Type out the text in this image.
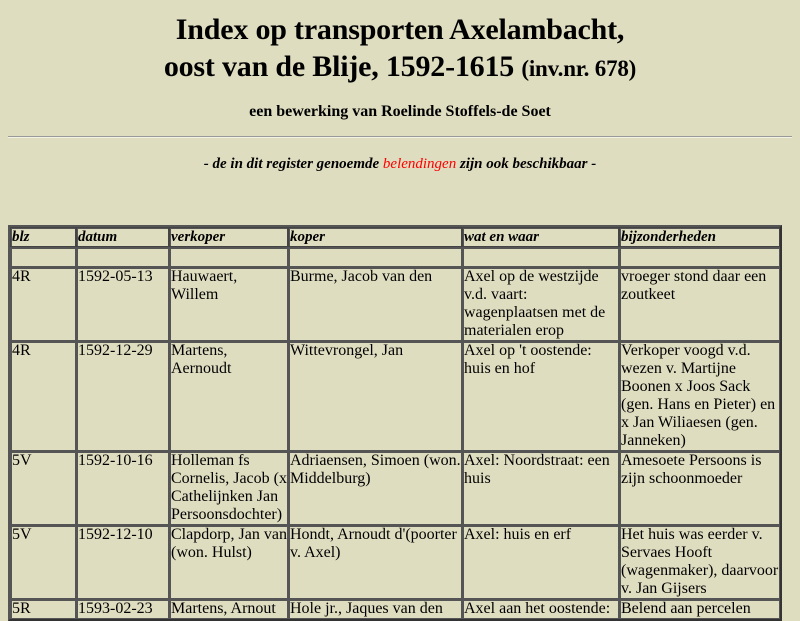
Index op transporten Axelambacht,
oost van de Blije, 1592-1615 (inv.nr. 678)
een bewerking van Roelinde Stoffels-de Soet
- de in dit register genoemde belendingen zijn ook beschikbaar -
blz	datum	verkoper	koper	wat en waar	bijzonderheden

4R	1592-05-13	Hauwaert, Willem	Burme, Jacob van den	Axel op de westzijde v.d. vaart: wagenplaatsen met de materialen erop	vroeger stond daar een zoutkeet
4R	1592-12-29	Martens, Aernoudt	Wittevrongel, Jan	Axel op 't oostende: huis en hof	Verkoper voogd v.d. wezen v. Martijne Boonen x Joos Sack (gen. Hans en Pieter) en x Jan Wiliaesen (gen. Janneken)
5V	1592-10-16	Holleman fs Cornelis, Jacob (x Cathelijnken Jan Persoonsdochter)	Adriaensen, Simoen (won. Middelburg)	Axel: Noordstraat: een huis	Amesoete Persoons is zijn schoonmoeder
5V	1592-12-10	Clapdorp, Jan van (won. Hulst)	Hondt, Arnoudt d'(poorter v. Axel)	Axel: huis en erf	Het huis was eerder v. Servaes Hooft (wagenmaker), daarvoor v. Jan Gijsers
5R	1593-02-23	Martens, Arnout	Hole jr., Jaques van den	Axel aan het oostende:	Belend aan percelen
